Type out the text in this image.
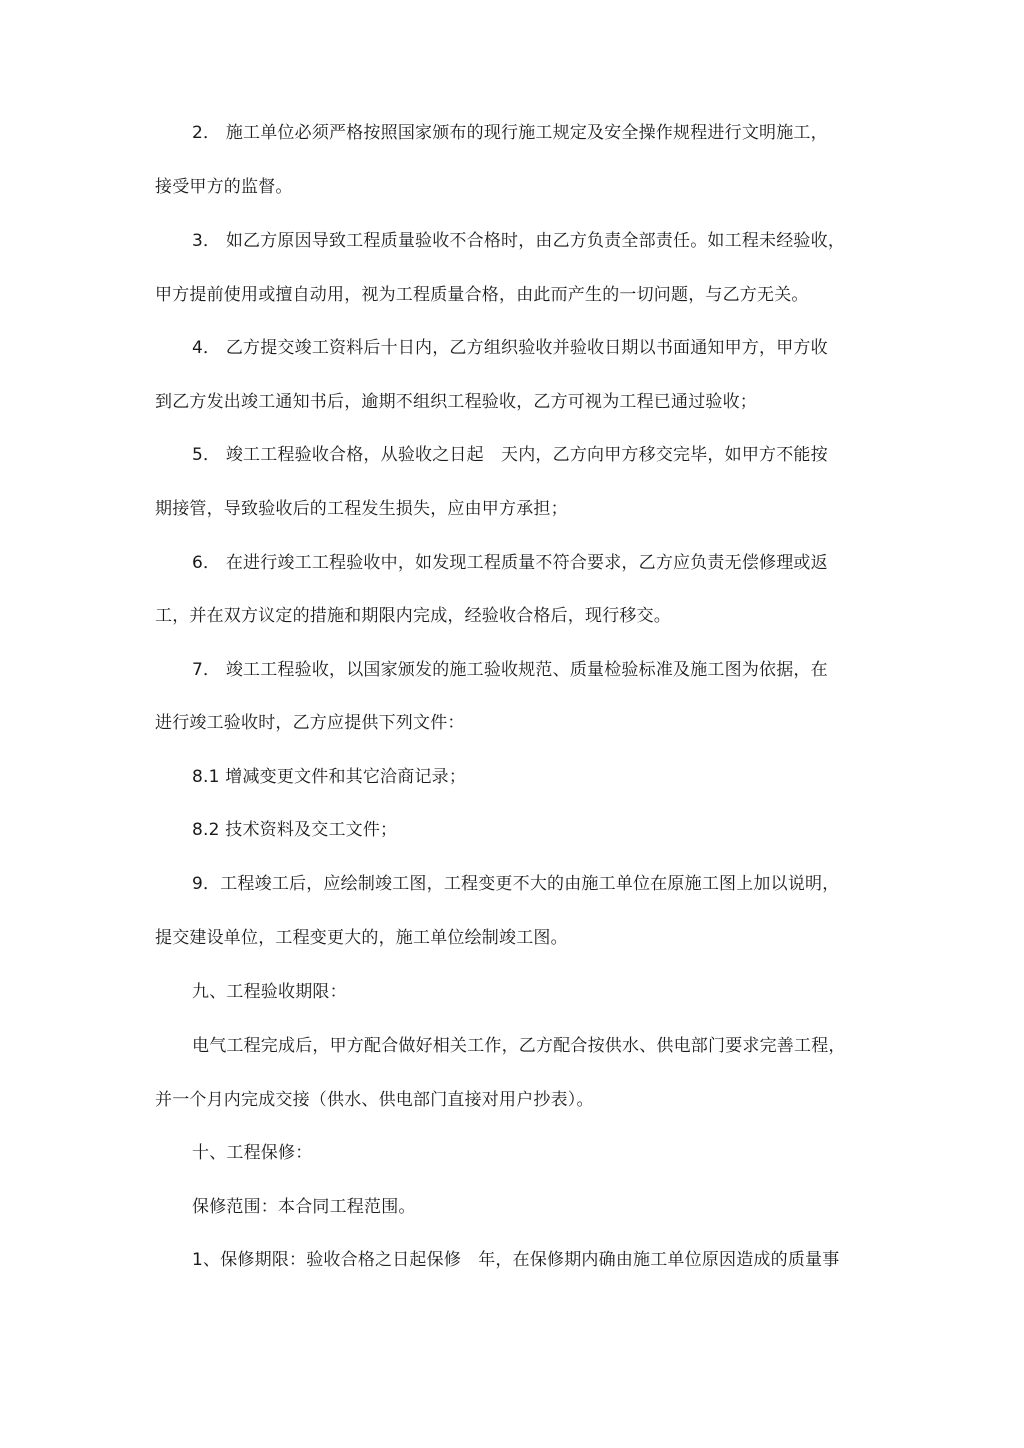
2． 施工单位必须严格按照国家颁布的现行施工规定及安全操作规程进行文明施工，
接受甲方的监督。
3． 如乙方原因导致工程质量验收不合格时，由乙方负责全部责任。如工程未经验收，
甲方提前使用或擅自动用，视为工程质量合格，由此而产生的一切问题，与乙方无关。
4． 乙方提交竣工资料后十日内，乙方组织验收并验收日期以书面通知甲方，甲方收
到乙方发出竣工通知书后，逾期不组织工程验收，乙方可视为工程已通过验收；
5． 竣工工程验收合格，从验收之日起　天内，乙方向甲方移交完毕，如甲方不能按
期接管，导致验收后的工程发生损失，应由甲方承担；
6． 在进行竣工工程验收中，如发现工程质量不符合要求，乙方应负责无偿修理或返
工，并在双方议定的措施和期限内完成，经验收合格后，现行移交。
7． 竣工工程验收，以国家颁发的施工验收规范、质量检验标准及施工图为依据，在
进行竣工验收时，乙方应提供下列文件：
8.1 增减变更文件和其它洽商记录；
8.2 技术资料及交工文件；
9．工程竣工后，应绘制竣工图，工程变更不大的由施工单位在原施工图上加以说明，
提交建设单位，工程变更大的，施工单位绘制竣工图。
九、工程验收期限：
电气工程完成后，甲方配合做好相关工作，乙方配合按供水、供电部门要求完善工程，
并一个月内完成交接（供水、供电部门直接对用户抄表）。
十、工程保修：
保修范围：本合同工程范围。
1、保修期限：验收合格之日起保修　年，在保修期内确由施工单位原因造成的质量事
